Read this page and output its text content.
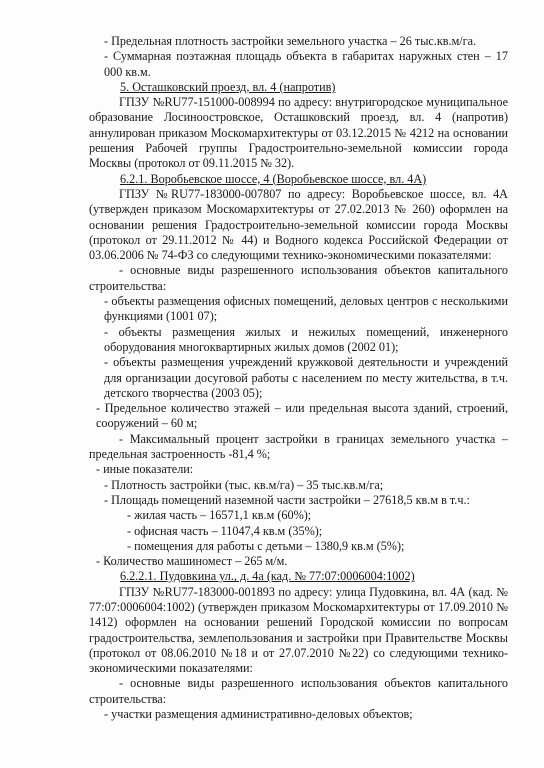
- Предельная плотность застройки земельного участка – 26 тыс.кв.м/га.

- Суммарная поэтажная площадь объекта в габаритах наружных стен – 17 000 кв.м.

5. Осташковский проезд, вл. 4 (напротив)

ГПЗУ №RU77-151000-008994 по адресу: внутригородское муниципальное образование Лосиноостровское, Осташковский проезд, вл. 4 (напротив) аннулирован приказом Москомархитектуры от 03.12.2015 № 4212 на основании решения Рабочей группы Градостроительно-земельной комиссии города Москвы (протокол от 09.11.2015 № 32).

6.2.1. Воробьевское шоссе, 4 (Воробьевское шоссе, вл. 4А)

ГПЗУ №RU77-183000-007807 по адресу: Воробьевское шоссе, вл. 4А (утвержден приказом Москомархитектуры от 27.02.2013 № 260) оформлен на основании решения Градостроительно-земельной комиссии города Москвы (протокол от 29.11.2012 № 44) и Водного кодекса Российской Федерации от 03.06.2006 № 74-ФЗ со следующими технико-экономическими показателями:

- основные виды разрешенного использования объектов капитального строительства:

- объекты размещения офисных помещений, деловых центров с несколькими функциями (1001 07);

- объекты размещения жилых и нежилых помещений, инженерного оборудования многоквартирных жилых домов (2002 01);

- объекты размещения учреждений кружковой деятельности и учреждений для организации досуговой работы с населением по месту жительства, в т.ч. детского творчества (2003 05);

- Предельное количество этажей – или предельная высота зданий, строений, сооружений – 60 м;

- Максимальный процент застройки в границах земельного участка – предельная застроенность -81,4 %;

- иные показатели:

- Плотность застройки (тыс. кв.м/га) – 35 тыс.кв.м/га;

- Площадь помещений наземной части застройки – 27618,5 кв.м в т.ч.:

- жилая часть – 16571,1 кв.м (60%);

- офисная часть – 11047,4 кв.м (35%);

- помещения для работы с детьми – 1380,9 кв.м (5%);

- Количество машиномест – 265 м/м.

6.2.2.1. Пудовкина ул., д. 4а (кад. № 77:07:0006004:1002)

ГПЗУ №RU77-183000-001893 по адресу: улица Пудовкина, вл. 4А (кад. № 77:07:0006004:1002) (утвержден приказом Москомархитектуры от 17.09.2010 № 1412) оформлен на основании решений Городской комиссии по вопросам градостроительства, землепользования и застройки при Правительстве Москвы (протокол от 08.06.2010 №18 и от 27.07.2010 №22) со следующими технико-экономическими показателями:

- основные виды разрешенного использования объектов капитального строительства:

- участки размещения административно-деловых объектов;
